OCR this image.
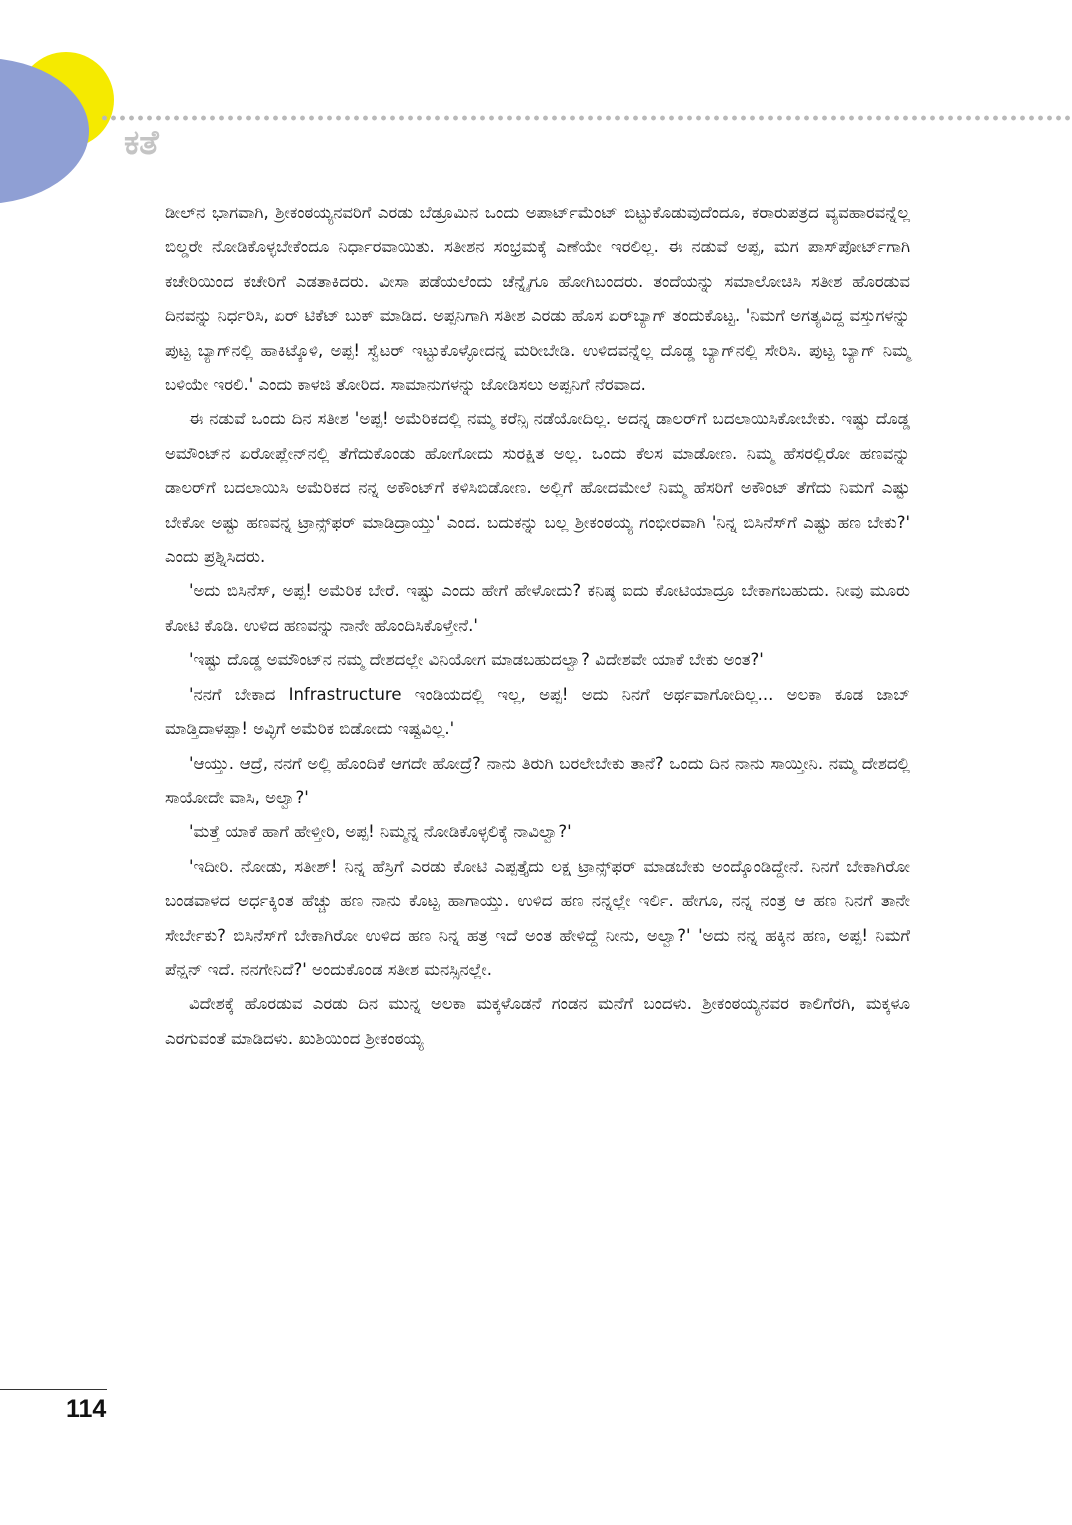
ಕತೆ

ಡೀಲ್‌ನ ಭಾಗವಾಗಿ, ಶ್ರೀಕಂಠಯ್ಯನವರಿಗೆ ಎರಡು ಬೆಡ್ರೂಮಿನ ಒಂದು ಅಪಾರ್ಟ್‌ಮೆಂಟ್ ಬಿಟ್ಟುಕೊಡುವುದೆಂದೂ, ಕರಾರುಪತ್ರದ ವ್ಯವಹಾರವನ್ನೆಲ್ಲ ಬಿಲ್ಡರೇ ನೋಡಿಕೊಳ್ಳಬೇಕೆಂದೂ ನಿರ್ಧಾರವಾಯಿತು. ಸತೀಶನ ಸಂಭ್ರಮಕ್ಕೆ ಎಣೆಯೇ ಇರಲಿಲ್ಲ. ಈ ನಡುವೆ ಅಪ್ಪ, ಮಗ ಪಾಸ್‌ಪೋರ್ಟ್‌ಗಾಗಿ ಕಚೇರಿಯಿಂದ ಕಚೇರಿಗೆ ಎಡತಾಕಿದರು. ವೀಸಾ ಪಡೆಯಲೆಂದು ಚೆನ್ನೈಗೂ ಹೋಗಿಬಂದರು. ತಂದೆಯನ್ನು ಸಮಾಲೋಚಿಸಿ ಸತೀಶ ಹೊರಡುವ ದಿನವನ್ನು ನಿರ್ಧರಿಸಿ, ಏರ್ ಟಿಕೆಟ್ ಬುಕ್ ಮಾಡಿದ. ಅಪ್ಪನಿಗಾಗಿ ಸತೀಶ ಎರಡು ಹೊಸ ಏರ್‌ಬ್ಯಾಗ್ ತಂದುಕೊಟ್ಟ. 'ನಿಮಗೆ ಅಗತ್ಯವಿದ್ದ ವಸ್ತುಗಳನ್ನು ಪುಟ್ಟ ಬ್ಯಾಗ್‌ನಲ್ಲಿ ಹಾಕಿಟ್ಕೊಳಿ, ಅಪ್ಪ! ಸ್ವೆಟರ್ ಇಟ್ಟುಕೊಳ್ಳೋದನ್ನ ಮರೀಬೇಡಿ. ಉಳಿದವನ್ನೆಲ್ಲ ದೊಡ್ಡ ಬ್ಯಾಗ್‌ನಲ್ಲಿ ಸೇರಿಸಿ. ಪುಟ್ಟ ಬ್ಯಾಗ್ ನಿಮ್ಮ ಬಳಿಯೇ ಇರಲಿ.' ಎಂದು ಕಾಳಜಿ ತೋರಿದ. ಸಾಮಾನುಗಳನ್ನು ಜೋಡಿಸಲು ಅಪ್ಪನಿಗೆ ನೆರವಾದ.

ಈ ನಡುವೆ ಒಂದು ದಿನ ಸತೀಶ 'ಅಪ್ಪ! ಅಮೆರಿಕದಲ್ಲಿ ನಮ್ಮ ಕರೆನ್ಸಿ ನಡೆಯೋದಿಲ್ಲ. ಅದನ್ನ ಡಾಲರ್‌ಗೆ ಬದಲಾಯಿಸಿಕೋಬೇಕು. ಇಷ್ಟು ದೊಡ್ಡ ಅಮೌಂಟ್‌ನ ಏರೋಪ್ಲೇನ್‌ನಲ್ಲಿ ತೆಗೆದುಕೊಂಡು ಹೋಗೋದು ಸುರಕ್ಷಿತ ಅಲ್ಲ. ಒಂದು ಕೆಲಸ ಮಾಡೋಣ. ನಿಮ್ಮ ಹೆಸರಲ್ಲಿರೋ ಹಣವನ್ನು ಡಾಲರ್‌ಗೆ ಬದಲಾಯಿಸಿ ಅಮೆರಿಕದ ನನ್ನ ಅಕೌಂಟ್‌ಗೆ ಕಳಿಸಿಬಿಡೋಣ. ಅಲ್ಲಿಗೆ ಹೋದಮೇಲೆ ನಿಮ್ಮ ಹೆಸರಿಗೆ ಅಕೌಂಟ್ ತೆಗೆದು ನಿಮಗೆ ಎಷ್ಟು ಬೇಕೋ ಅಷ್ಟು ಹಣವನ್ನ ಟ್ರಾನ್ಸ್‌ಫರ್ ಮಾಡಿದ್ರಾಯ್ತು' ಎಂದ. ಬದುಕನ್ನು ಬಲ್ಲ ಶ್ರೀಕಂಠಯ್ಯ ಗಂಭೀರವಾಗಿ 'ನಿನ್ನ ಬಿಸಿನೆಸ್‌ಗೆ ಎಷ್ಟು ಹಣ ಬೇಕು?' ಎಂದು ಪ್ರಶ್ನಿಸಿದರು.

'ಅದು ಬಿಸಿನೆಸ್, ಅಪ್ಪ! ಅಮೆರಿಕ ಬೇರೆ. ಇಷ್ಟು ಎಂದು ಹೇಗೆ ಹೇಳೋದು? ಕನಿಷ್ಠ ಐದು ಕೋಟಿಯಾದ್ರೂ ಬೇಕಾಗಬಹುದು. ನೀವು ಮೂರು ಕೋಟಿ ಕೊಡಿ. ಉಳಿದ ಹಣವನ್ನು ನಾನೇ ಹೊಂದಿಸಿಕೊಳ್ತೇನೆ.'

'ಇಷ್ಟು ದೊಡ್ಡ ಅಮೌಂಟ್‌ನ ನಮ್ಮ ದೇಶದಲ್ಲೇ ವಿನಿಯೋಗ ಮಾಡಬಹುದಲ್ವಾ? ವಿದೇಶವೇ ಯಾಕೆ ಬೇಕು ಅಂತ?'

'ನನಗೆ ಬೇಕಾದ Infrastructure ಇಂಡಿಯದಲ್ಲಿ ಇಲ್ಲ, ಅಪ್ಪ! ಅದು ನಿನಗೆ ಅರ್ಥವಾಗೋದಿಲ್ಲ... ಅಲಕಾ ಕೂಡ ಜಾಬ್ ಮಾಡ್ತಿದಾಳಪ್ಪಾ! ಅವ್ಳಿಗೆ ಅಮೆರಿಕ ಬಿಡೋದು ಇಷ್ಟವಿಲ್ಲ.'

'ಆಯ್ತು. ಆದ್ರೆ, ನನಗೆ ಅಲ್ಲಿ ಹೊಂದಿಕೆ ಆಗದೇ ಹೋದ್ರೆ? ನಾನು ತಿರುಗಿ ಬರಲೇಬೇಕು ತಾನೆ? ಒಂದು ದಿನ ನಾನು ಸಾಯ್ತೀನಿ. ನಮ್ಮ ದೇಶದಲ್ಲಿ ಸಾಯೋದೇ ವಾಸಿ, ಅಲ್ವಾ?'

'ಮತ್ತೆ ಯಾಕೆ ಹಾಗೆ ಹೇಳ್ತೀರಿ, ಅಪ್ಪ! ನಿಮ್ಮನ್ನ ನೋಡಿಕೊಳ್ಳಲಿಕ್ಕೆ ನಾವಿಲ್ವಾ?'

'ಇದೀರಿ. ನೋಡು, ಸತೀಶ್! ನಿನ್ನ ಹೆಸ್ರಿಗೆ ಎರಡು ಕೋಟಿ ಎಪ್ಪತ್ತೈದು ಲಕ್ಷ ಟ್ರಾನ್ಸ್‌ಫರ್ ಮಾಡಬೇಕು ಅಂದ್ಕೊಂಡಿದ್ದೇನೆ. ನಿನಗೆ ಬೇಕಾಗಿರೋ ಬಂಡವಾಳದ ಅರ್ಧಕ್ಕಿಂತ ಹೆಚ್ಚು ಹಣ ನಾನು ಕೊಟ್ಟ ಹಾಗಾಯ್ತು. ಉಳಿದ ಹಣ ನನ್ನಲ್ಲೇ ಇರ್ಲಿ. ಹೇಗೂ, ನನ್ನ ನಂತ್ರ ಆ ಹಣ ನಿನಗೆ ತಾನೇ ಸೇರ್ಬೇಕು? ಬಿಸಿನೆಸ್‌ಗೆ ಬೇಕಾಗಿರೋ ಉಳಿದ ಹಣ ನಿನ್ನ ಹತ್ರ ಇದೆ ಅಂತ ಹೇಳಿದ್ದೆ ನೀನು, ಅಲ್ವಾ?' 'ಅದು ನನ್ನ ಹಕ್ಕಿನ ಹಣ, ಅಪ್ಪ! ನಿಮಗೆ ಪೆನ್ಷನ್ ಇದೆ. ನನಗೇನಿದೆ?' ಅಂದುಕೊಂಡ ಸತೀಶ ಮನಸ್ಸಿನಲ್ಲೇ.

ವಿದೇಶಕ್ಕೆ ಹೊರಡುವ ಎರಡು ದಿನ ಮುನ್ನ ಅಲಕಾ ಮಕ್ಕಳೊಡನೆ ಗಂಡನ ಮನೆಗೆ ಬಂದಳು. ಶ್ರೀಕಂಠಯ್ಯನವರ ಕಾಲಿಗೆರಗಿ, ಮಕ್ಕಳೂ ಎರಗುವಂತೆ ಮಾಡಿದಳು. ಖುಶಿಯಿಂದ ಶ್ರೀಕಂಠಯ್ಯ

114
